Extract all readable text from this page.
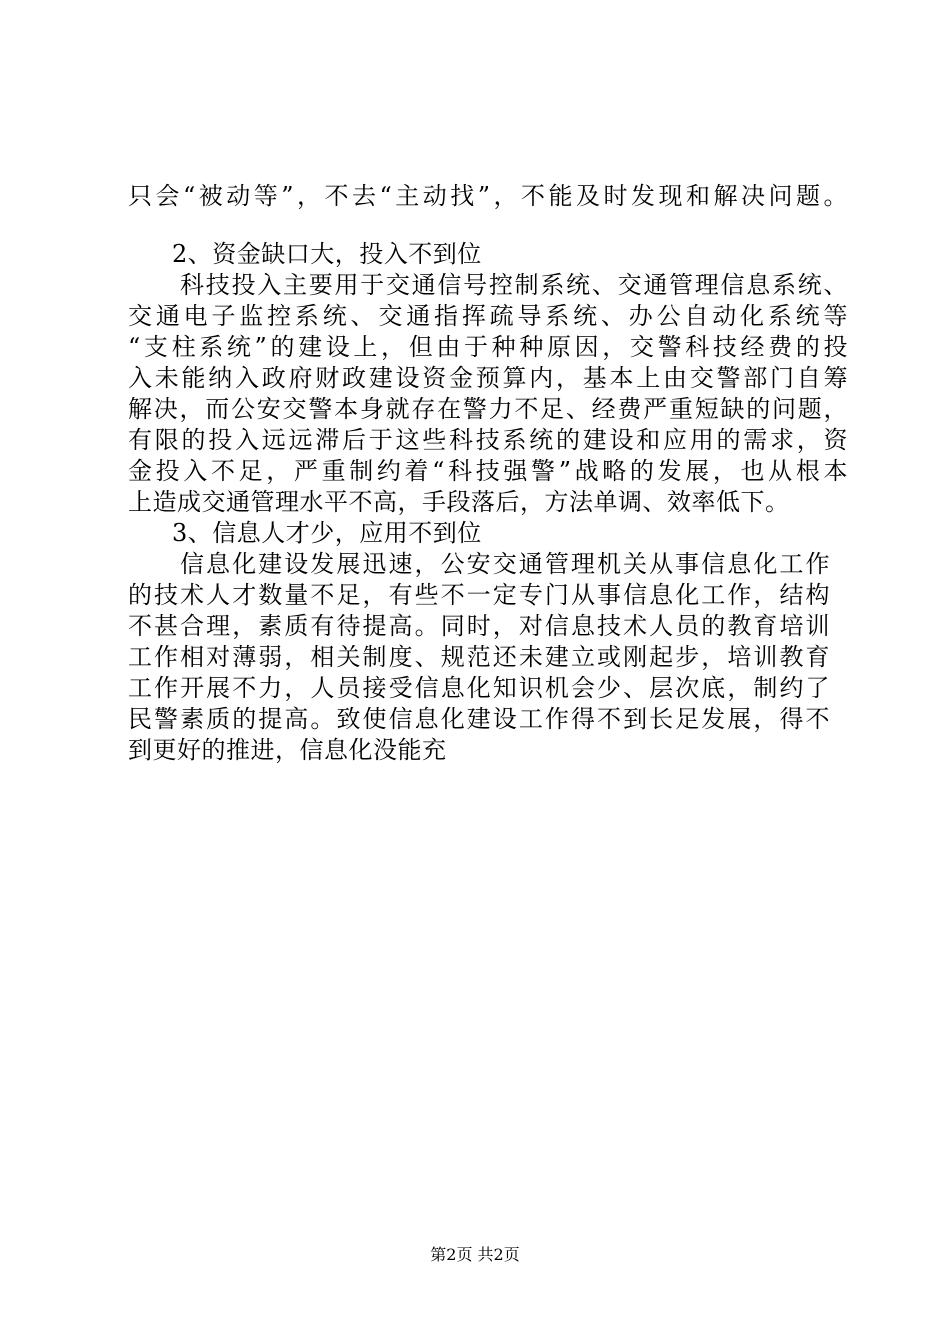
只会“被动等”，不去“主动找”，不能及时发现和解决问题。
2、资金缺口大，投入不到位
科技投入主要用于交通信号控制系统、交通管理信息系统、
交通电子监控系统、交通指挥疏导系统、办公自动化系统等
“支柱系统”的建设上，但由于种种原因，交警科技经费的投
入未能纳入政府财政建设资金预算内，基本上由交警部门自筹
解决，而公安交警本身就存在警力不足、经费严重短缺的问题，
有限的投入远远滞后于这些科技系统的建设和应用的需求，资
金投入不足，严重制约着“科技强警”战略的发展，也从根本
上造成交通管理水平不高，手段落后，方法单调、效率低下。
3、信息人才少，应用不到位
信息化建设发展迅速，公安交通管理机关从事信息化工作
的技术人才数量不足，有些不一定专门从事信息化工作，结构
不甚合理，素质有待提高。同时，对信息技术人员的教育培训
工作相对薄弱，相关制度、规范还未建立或刚起步，培训教育
工作开展不力，人员接受信息化知识机会少、层次底，制约了
民警素质的提高。致使信息化建设工作得不到长足发展，得不
到更好的推进，信息化没能充
第2页 共2页
